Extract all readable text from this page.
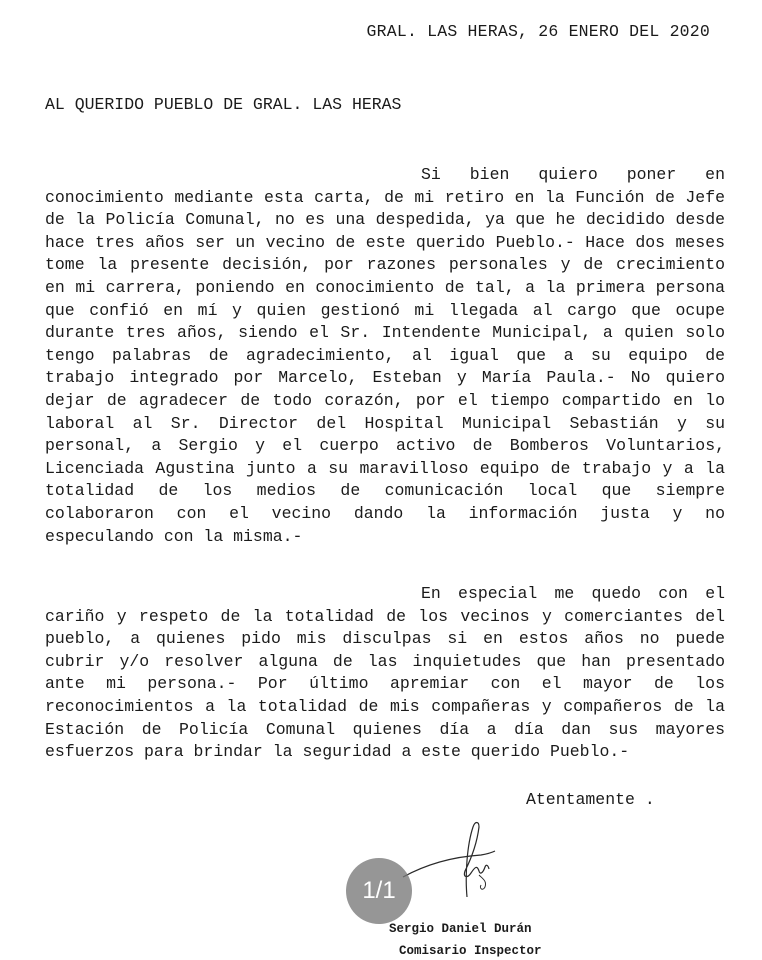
GRAL. LAS HERAS, 26 ENERO DEL 2020
AL QUERIDO PUEBLO DE GRAL. LAS HERAS
Si bien quiero poner en conocimiento mediante esta carta, de mi retiro en la Función de Jefe de la Policía Comunal, no es una despedida, ya que he decidido desde hace tres años ser un vecino de este querido Pueblo.- Hace dos meses tome la presente decisión, por razones personales y de crecimiento en mi carrera, poniendo en conocimiento de tal, a la primera persona que confió en mí y quien gestionó mi llegada al cargo que ocupe durante tres años, siendo el Sr. Intendente Municipal, a quien solo tengo palabras de agradecimiento, al igual que a su equipo de trabajo integrado por Marcelo, Esteban y María Paula.- No quiero dejar de agradecer de todo corazón, por el tiempo compartido en lo laboral al Sr. Director del Hospital Municipal Sebastián y su personal, a Sergio y el cuerpo activo de Bomberos Voluntarios, Licenciada Agustina junto a su maravilloso equipo de trabajo y a la totalidad de los medios de comunicación local que siempre colaboraron con el vecino dando la información justa y no especulando con la misma.-
En especial me quedo con el cariño y respeto de la totalidad de los vecinos y comerciantes del pueblo, a quienes pido mis disculpas si en estos años no puede cubrir y/o resolver alguna de las inquietudes que han presentado ante mi persona.- Por último apremiar con el mayor de los reconocimientos a la totalidad de mis compañeras y compañeros de la Estación de Policía Comunal quienes día a día dan sus mayores esfuerzos para brindar la seguridad a este querido Pueblo.-
Atentamente .
1/1
Sergio Daniel Durán
Comisario Inspector
